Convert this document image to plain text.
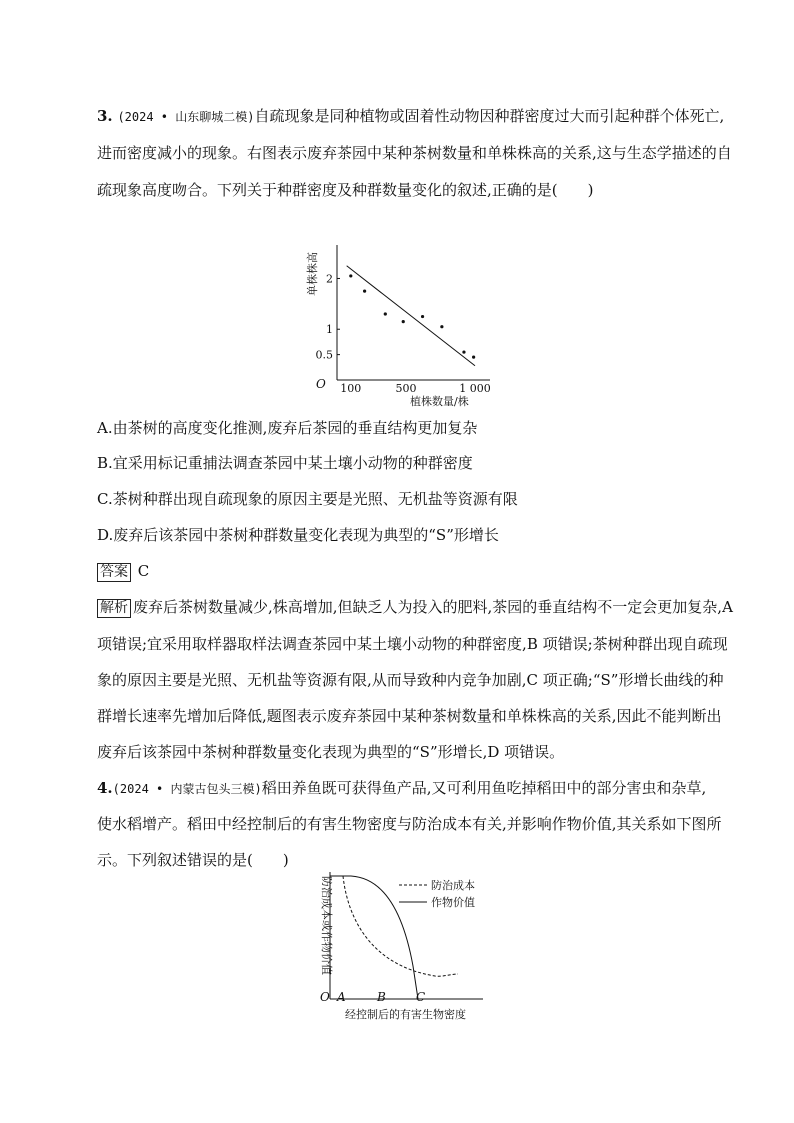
3. (2024 • 山东聊城二模)自疏现象是同种植物或固着性动物因种群密度过大而引起种群个体死亡,
进而密度减小的现象。右图表示废弃茶园中某种茶树数量和单株株高的关系,这与生态学描述的自
疏现象高度吻合。下列关于种群密度及种群数量变化的叙述,正确的是(　　)
0.5
1
2
100	500	1 000
O
单株株高
植株数量/株
A.由茶树的高度变化推测,废弃后茶园的垂直结构更加复杂
B.宜采用标记重捕法调查茶园中某土壤小动物的种群密度
C.茶树种群出现自疏现象的原因主要是光照、无机盐等资源有限
D.废弃后该茶园中茶树种群数量变化表现为典型的“S”形增长
答案 C
解析 废弃后茶树数量减少,株高增加,但缺乏人为投入的肥料,茶园的垂直结构不一定会更加复杂,A
项错误;宜采用取样器取样法调查茶园中某土壤小动物的种群密度,B 项错误;茶树种群出现自疏现
象的原因主要是光照、无机盐等资源有限,从而导致种内竞争加剧,C 项正确;“S”形增长曲线的种
群增长速率先增加后降低,题图表示废弃茶园中某种茶树数量和单株株高的关系,因此不能判断出
废弃后该茶园中茶树种群数量变化表现为典型的“S”形增长,D 项错误。
4.(2024 • 内蒙古包头三模)稻田养鱼既可获得鱼产品,又可利用鱼吃掉稻田中的部分害虫和杂草,
使水稻增产。稻田中经控制后的有害生物密度与防治成本有关,并影响作物价值,其关系如下图所
示。下列叙述错误的是(　　)
防治成本
作物价值
O A	B	C
防治成本或作物价值
经控制后的有害生物密度
